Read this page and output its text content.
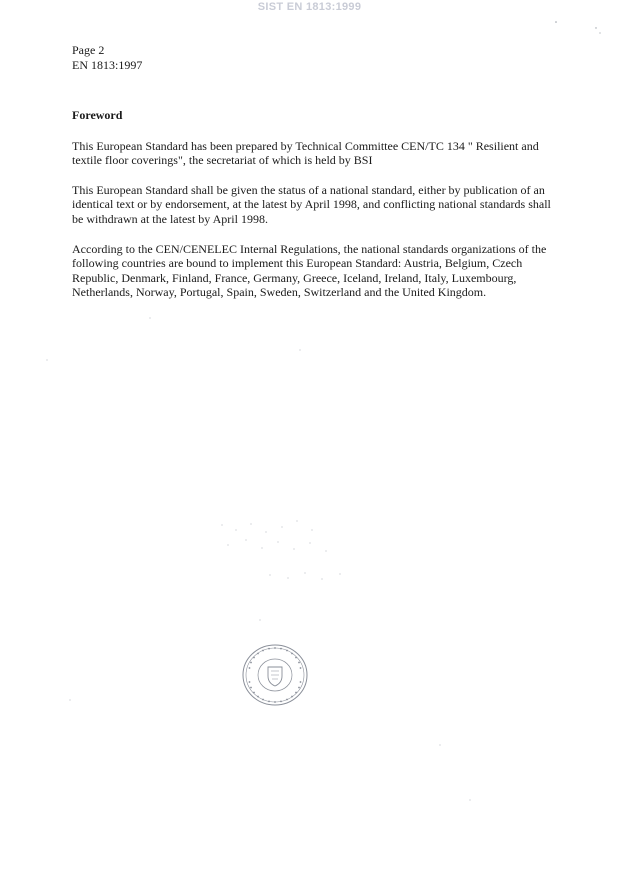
SIST EN 1813:1999
Page 2
EN 1813:1997
Foreword

This European Standard has been prepared by Technical Committee CEN/TC 134 " Resilient and textile floor coverings", the secretariat of which is held by BSI

This European Standard shall be given the status of a national standard, either by publication of an identical text or by endorsement, at the latest by April 1998, and conflicting national standards shall be withdrawn at the latest by April 1998.

According to the CEN/CENELEC Internal Regulations, the national standards organizations of the following countries are bound to implement this European Standard: Austria, Belgium, Czech Republic, Denmark, Finland, France, Germany, Greece, Iceland, Ireland, Italy, Luxembourg, Netherlands, Norway, Portugal, Spain, Sweden, Switzerland and the United Kingdom.
